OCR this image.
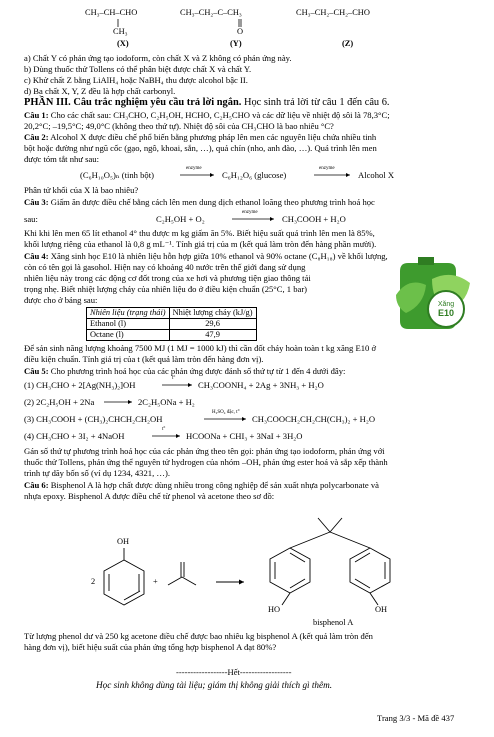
CH₃–CH–CHO
CH₃
CH₃–CH₂–C–CH₃
O
CH₃–CH₂–CH₂–CHO
(X)	(Y)	(Z)
a) Chất Y có phản ứng tạo iodoform, còn chất X và Z không có phản ứng này.
b) Dùng thuốc thử Tollens có thể phân biệt được chất X và chất Y.
c) Khử chất Z bằng LiAlH₄ hoặc NaBH₄ thu được alcohol bậc II.
d) Ba chất X, Y, Z đều là hợp chất carbonyl.
PHẦN III. Câu trắc nghiệm yêu cầu trả lời ngắn. Học sinh trả lời từ câu 1 đến câu 6.
Câu 1: Cho các chất sau: CH₃CHO, C₂H₅OH, HCHO, C₂H₅CHO và các dữ liệu về nhiệt độ sôi là 78,3°C;
20,2°C; –19,5°C; 49,0°C (không theo thứ tự). Nhiệt độ sôi của CH₃CHO là bao nhiêu °C?
Câu 2: Alcohol X được điều chế phổ biến bằng phương pháp lên men các nguyên liệu chứa nhiều tinh
bột hoặc đường như ngũ cốc (gạo, ngô, khoai, sắn, …), quả chín (nho, anh đào, …). Quá trình lên men
được tóm tắt như sau:
(C₆H₁₀O₅)ₙ (tinh bột)
enzyme
C₆H₁₂O₆ (glucose)
enzyme
Alcohol X
Phân tử khối của X là bao nhiêu?
Câu 3: Giấm ăn được điều chế bằng cách lên men dung dịch ethanol loãng theo phương trình hoá học
sau:	C₂H₅OH + O₂
enzyme
CH₃COOH + H₂O
Khi khi lên men 65 lít ethanol 4° thu được m kg giấm ăn 5%. Biết hiệu suất quá trình lên men là 85%,
khối lượng riêng của ethanol là 0,8 g mL⁻¹. Tính giá trị của m (kết quả làm tròn đến hàng phần mười).
Câu 4: Xăng sinh học E10 là nhiên liệu hỗn hợp giữa 10% ethanol và 90% octane (C₈H₁₈) về khối lượng,
còn có tên gọi là gasohol. Hiện nay có khoảng 40 nước trên thế giới đang sử dụng
nhiên liệu này trong các động cơ đốt trong của xe hơi và phương tiện giao thông tải
trọng nhẹ. Biết nhiệt lượng cháy của nhiên liệu đo ở điều kiện chuẩn (25°C, 1 bar)
được cho ở bảng sau:
Nhiên liệu (trạng thái)	Nhiệt lượng cháy (kJ/g)
Ethanol (l)	29,6
Octane (l)	47,9
Xăng
E10
Để sản sinh năng lượng khoảng 7500 MJ (1 MJ = 1000 kJ) thì cần đốt cháy hoàn toàn t kg xăng E10 ở
điều kiện chuẩn. Tính giá trị của t (kết quả làm tròn đến hàng đơn vị).
Câu 5: Cho phương trình hoá học của các phản ứng được đánh số thứ tự từ 1 đến 4 dưới đây:
(1) CH₃CHO + 2[Ag(NH₃)₂]OH
t°
CH₃COONH₄ + 2Ag + 3NH₃ + H₂O
(2) 2C₂H₅OH + 2Na	2C₂H₅ONa + H₂
(3) CH₃COOH + (CH₃)₂CHCH₂CH₂OH
H₂SO₄ đặc, t°
CH₃COOCH₂CH₂CH(CH₃)₂ + H₂O
(4) CH₃CHO + 3I₂ + 4NaOH
t°
HCOONa + CHI₃ + 3NaI + 3H₂O
Gán số thứ tự phương trình hoá học của các phản ứng theo tên gọi: phản ứng tạo iodoform, phản ứng với
thuốc thử Tollens, phản ứng thể nguyên tử hydrogen của nhóm –OH, phản ứng ester hoá và sắp xếp thành
trình tự dãy bốn số (ví dụ 1234, 4321, …).
Câu 6: Bisphenol A là hợp chất được dùng nhiều trong công nghiệp để sản xuất nhựa polycarbonate và
nhựa epoxy. Bisphenol A được điều chế từ phenol và acetone theo sơ đồ:
OH
2	+
HO	OH
bisphenol A
Từ lượng phenol dư và 250 kg acetone điều chế được bao nhiêu kg bisphenol A (kết quả làm tròn đến
hàng đơn vị), biết hiệu suất của phản ứng tổng hợp bisphenol A đạt 80%?
------------------Hết------------------
Học sinh không dùng tài liệu; giám thị không giải thích gì thêm.
Trang 3/3 - Mã đề 437
